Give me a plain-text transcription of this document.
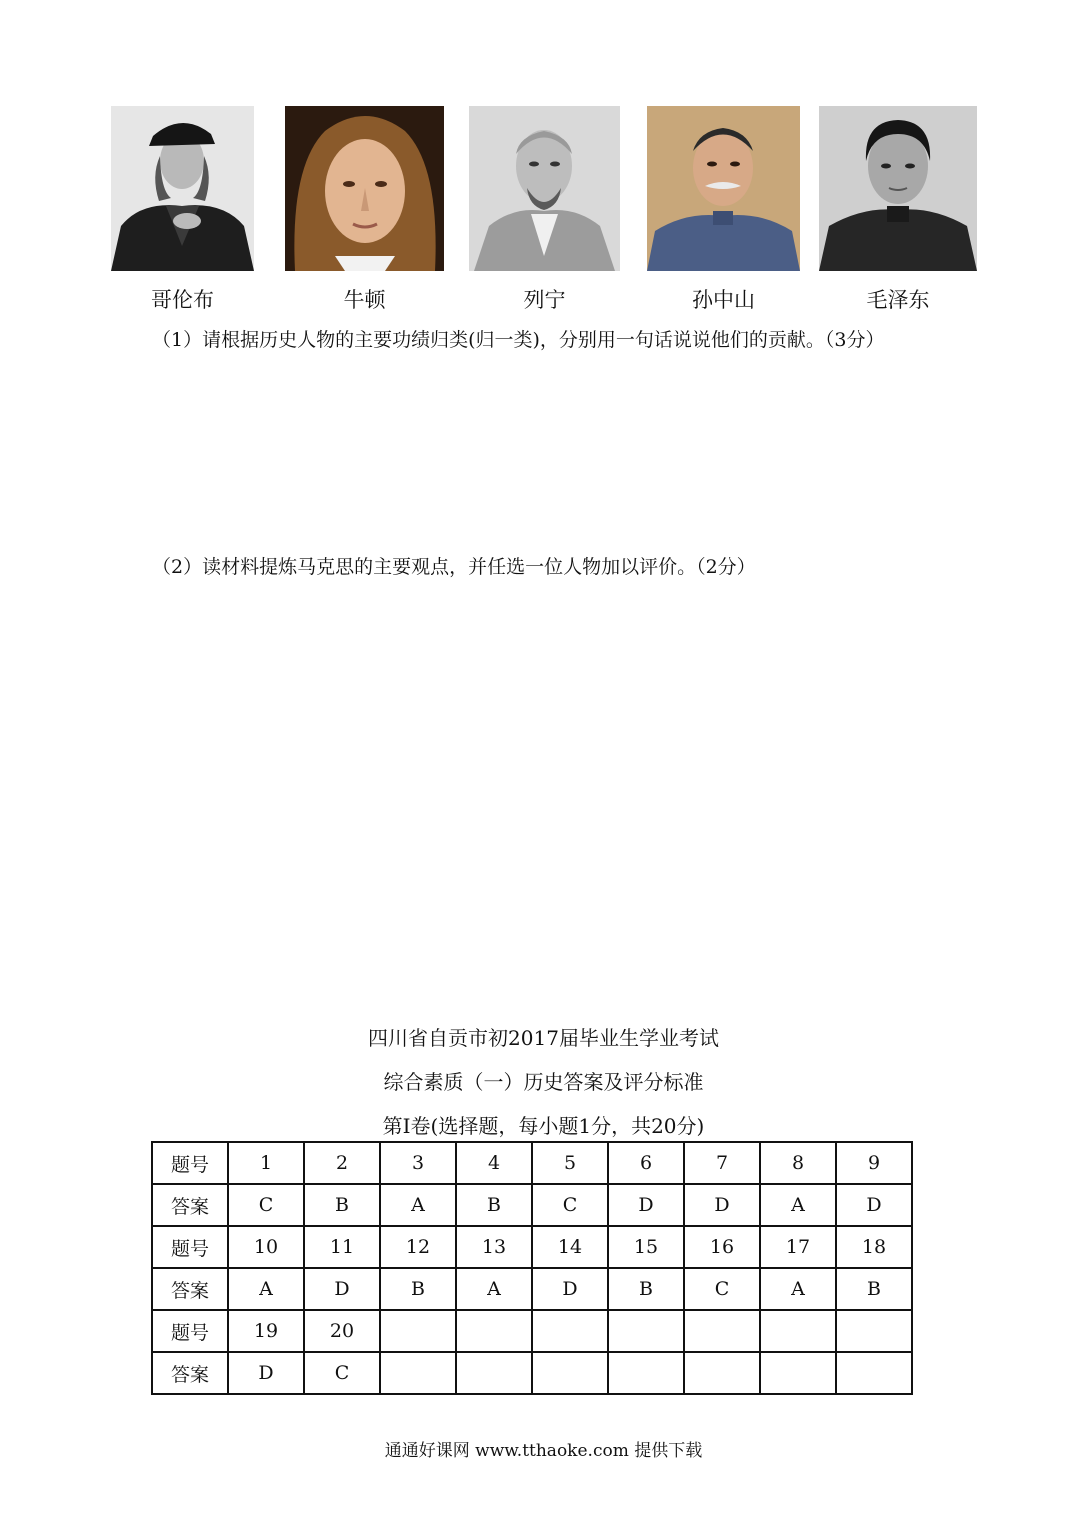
哥伦布	牛顿	列宁	孙中山	毛泽东
（1）请根据历史人物的主要功绩归类(归一类)，分别用一句话说说他们的贡献。（3分）
（2）读材料提炼马克思的主要观点，并任选一位人物加以评价。（2分）
四川省自贡市初2017届毕业生学业考试
综合素质（一）历史答案及评分标准
第Ⅰ卷(选择题，每小题1分，共20分)
题号	1	2	3	4	5	6	7	8	9
答案	C	B	A	B	C	D	D	A	D
题号	10	11	12	13	14	15	16	17	18
答案	A	D	B	A	D	B	C	A	B
题号	19	20							
答案	D	C							
通通好课网 www.tthaoke.com 提供下载
